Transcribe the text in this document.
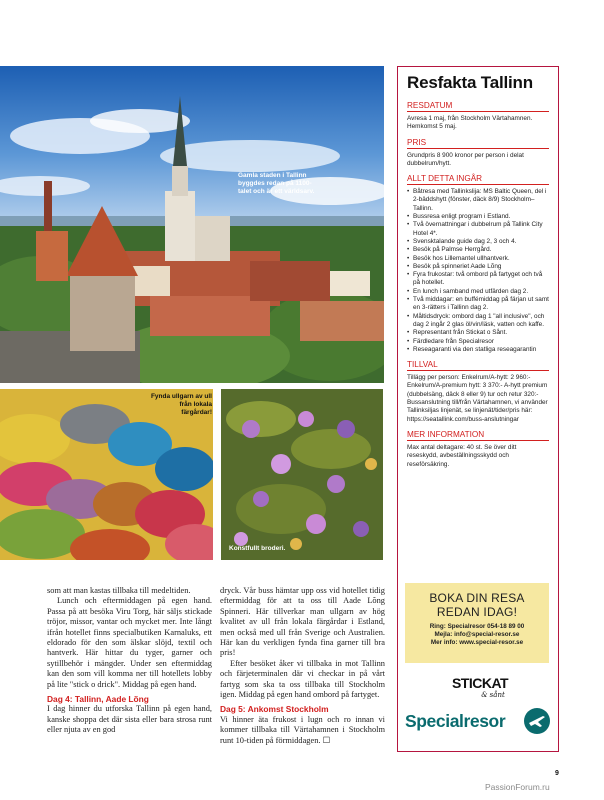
Gamla staden i Tallinn byggdes redan på 1100-talet och är ett världsarv.
Fynda ullgarn av ull från lokala färgårdar!
Konstfullt broderi.

som att man kastas tillbaka till medeltiden.

Lunch och eftermiddagen på egen hand. Passa på att besöka Viru Torg, här säljs stickade tröjor, missor, vantar och mycket mer. Inte långt ifrån hotellet finns specialbutiken Karnaluks, ett eldorado för den som älskar slöjd, textil och hantverk. Här hittar du tyger, garner och sytillbehör i mängder. Under sen eftermiddag kan den som vill komma ner till hotellets lobby på lite "stick o drick". Middag på egen hand.

Dag 4: Tallinn, Aade Lõng

I dag hinner du utforska Tallinn på egen hand, kanske shoppa det där sista eller bara strosa runt eller njuta av en god

dryck. Vår buss hämtar upp oss vid hotellet tidig eftermiddag för att ta oss till Aade Lõng Spinneri. Här tillverkar man ullgarn av hög kvalitet av ull från lokala färgårdar i Estland, men också med ull från Sverige och Australien. Här kan du verkligen fynda fina garner till bra pris!

Efter besöket åker vi tillbaka in mot Tallinn och färjeterminalen där vi checkar in på vårt fartyg som ska ta oss tillbaka till Stockholm igen. Middag på egen hand ombord på fartyget.

Dag 5: Ankomst Stockholm

Vi hinner äta frukost i lugn och ro innan vi kommer tillbaka till Värtahamnen i Stockholm runt 10-tiden på förmiddagen. ☐

Resfakta Tallinn
RESDATUM
Avresa 1 maj, från Stockholm Värtahamnen. Hemkomst 5 maj.
PRIS
Grundpris 8 900 kronor per person i delat dubbelrum/hytt.
ALLT DETTA INGÅR
• Båtresa med Tallinkslija: MS Baltic Queen, del i 2-bäddshytt (fönster, däck 8/9) Stockholm–Tallinn.
• Bussresa enligt program i Estland.
• Två övernattningar i dubbelrum på Tallink City Hotel 4*.
• Svensktalande guide dag 2, 3 och 4.
• Besök på Palmse Herrgård.
• Besök hos Lillemantel ullhantverk.
• Besök på spinneriet Aade Lõng
• Fyra frukostar: två ombord på fartyget och två på hotellet.
• En lunch i samband med utfärden dag 2.
• Två middagar: en buffémiddag på färjan ut samt en 3-rätters i Tallinn dag 2.
• Måltidsdryck: ombord dag 1 "all inclusive", och dag 2 ingår 2 glas öl/vin/läsk, vatten och kaffe.
• Representant från Stickat o Sånt.
• Färdledare från Specialresor
• Reseagaranti via den statliga reseagarantin
TILLVAL
Tillägg per person: Enkelrum/A-hytt: 2 960:- Enkelrum/A-premium hytt: 3 370:- A-hytt premium (dubbelsäng, däck 8 eller 9) tur och retur 320:- Bussanslutning till/från Värtahamnen, vi använder Tallinksiljas linjenät, se linjenät/tider/pris här: https://seatallink.com/buss-anslutningar
MER INFORMATION
Max antal deltagare: 40 st. Se över ditt reseskydd, avbeställningsskydd och reseförsäkring.
BOKA DIN RESA
REDAN IDAG!
Ring: Specialresor 054-18 89 00
Mejla: info@special-resor.se
Mer info: www.special-resor.se
STICKAT
& sånt
Specialresor
9
PassionForum.ru
